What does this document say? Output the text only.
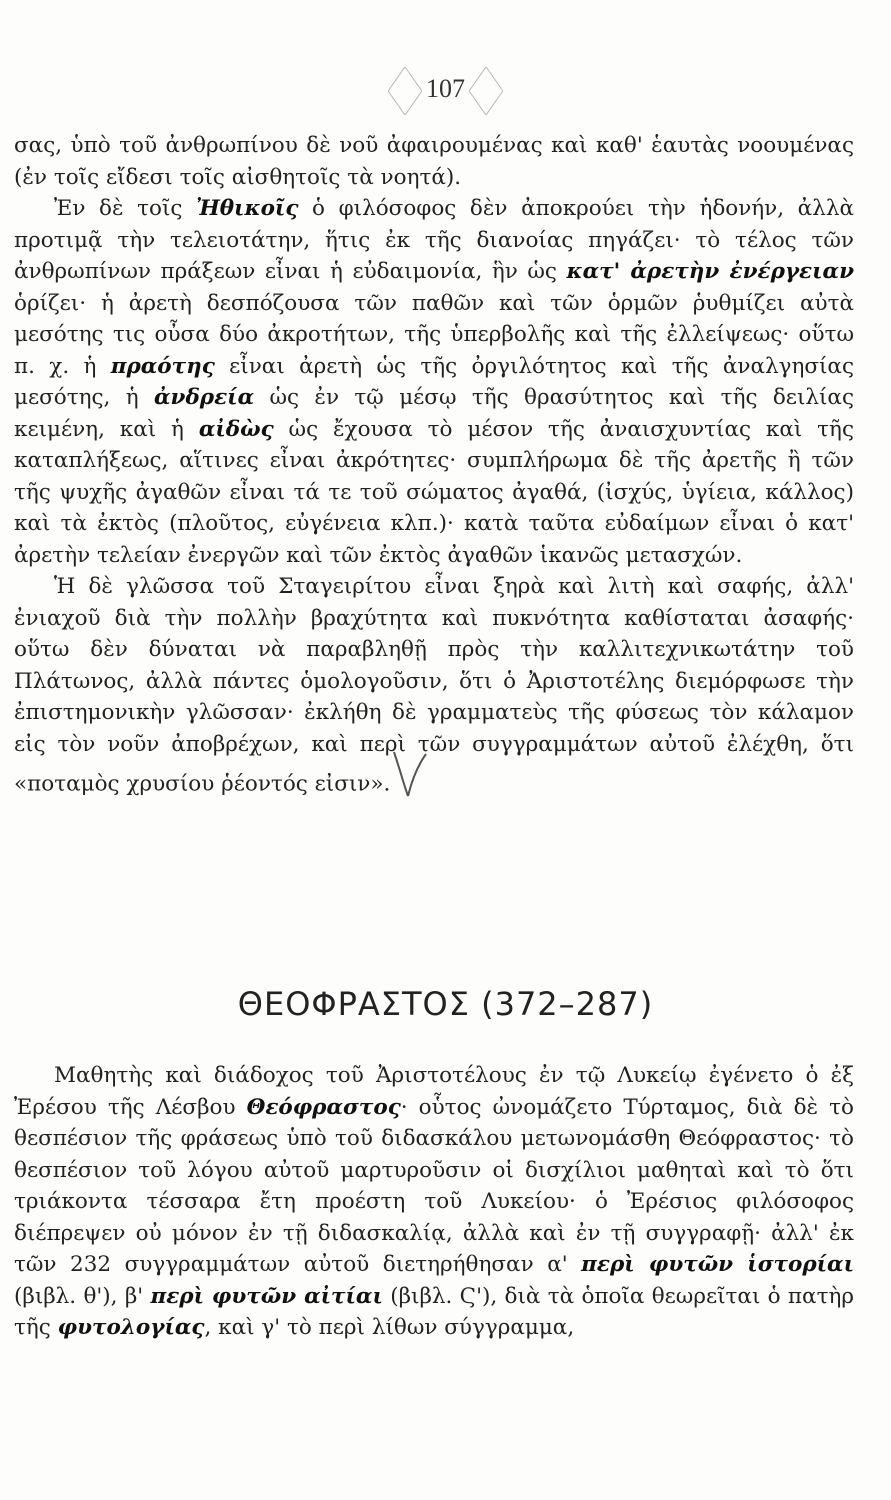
107

σας, ὑπὸ τοῦ ἀνθρωπίνου δὲ νοῦ ἀφαιρουμένας καὶ καθ' ἑαυτὰς νοουμένας (ἐν τοῖς εἴδεσι τοῖς αἰσθητοῖς τὰ νοητά).

Ἐν δὲ τοῖς Ἠθικοῖς ὁ φιλόσοφος δὲν ἀποκρούει τὴν ἡδονήν, ἀλλὰ προτιμᾷ τὴν τελειοτάτην, ἥτις ἐκ τῆς διανοίας πηγάζει· τὸ τέλος τῶν ἀνθρωπίνων πράξεων εἶναι ἡ εὐδαιμονία, ἣν ὡς κατ' ἀρετὴν ἐνέργειαν ὁρίζει· ἡ ἀρετὴ δεσπόζουσα τῶν παθῶν καὶ τῶν ὁρμῶν ῥυθμίζει αὐτὰ μεσότης τις οὖσα δύο ἀκροτήτων, τῆς ὑπερβολῆς καὶ τῆς ἐλλείψεως· οὕτω π. χ. ἡ πραότης εἶναι ἀρετὴ ὡς τῆς ὀργιλότητος καὶ τῆς ἀναλγησίας μεσότης, ἡ ἀνδρεία ὡς ἐν τῷ μέσῳ τῆς θρασύτητος καὶ τῆς δειλίας κειμένη, καὶ ἡ αἰδὼς ὡς ἔχουσα τὸ μέσον τῆς ἀναισχυντίας καὶ τῆς καταπλήξεως, αἵτινες εἶναι ἀκρότητες· συμπλήρωμα δὲ τῆς ἀρετῆς ἢ τῶν τῆς ψυχῆς ἀγαθῶν εἶναι τά τε τοῦ σώματος ἀγαθά, (ἰσχύς, ὑγίεια, κάλλος) καὶ τὰ ἐκτὸς (πλοῦτος, εὐγένεια κλπ.)· κατὰ ταῦτα εὐδαίμων εἶναι ὁ κατ' ἀρετὴν τελείαν ἐνεργῶν καὶ τῶν ἐκτὸς ἀγαθῶν ἱκανῶς μετασχών.

Ἡ δὲ γλῶσσα τοῦ Σταγειρίτου εἶναι ξηρὰ καὶ λιτὴ καὶ σαφής, ἀλλ' ἐνιαχοῦ διὰ τὴν πολλὴν βραχύτητα καὶ πυκνότητα καθίσταται ἀσαφής· οὕτω δὲν δύναται νὰ παραβληθῇ πρὸς τὴν καλλιτεχνικωτάτην τοῦ Πλάτωνος, ἀλλὰ πάντες ὁμολογοῦσιν, ὅτι ὁ Ἀριστοτέλης διεμόρφωσε τὴν ἐπιστημονικὴν γλῶσσαν· ἐκλήθη δὲ γραμματεὺς τῆς φύσεως τὸν κάλαμον εἰς τὸν νοῦν ἀποβρέχων, καὶ περὶ τῶν συγγραμμάτων αὐτοῦ ἐλέχθη, ὅτι «ποταμὸς χρυσίου ῥέοντός εἰσιν».

ΘΕΟΦΡΑΣΤΟΣ (372–287)

Μαθητὴς καὶ διάδοχος τοῦ Ἀριστοτέλους ἐν τῷ Λυκείῳ ἐγένετο ὁ ἐξ Ἐρέσου τῆς Λέσβου Θεόφραστος· οὗτος ὠνομάζετο Τύρταμος, διὰ δὲ τὸ θεσπέσιον τῆς φράσεως ὑπὸ τοῦ διδασκάλου μετωνομάσθη Θεόφραστος· τὸ θεσπέσιον τοῦ λόγου αὐτοῦ μαρτυροῦσιν οἱ δισχίλιοι μαθηταὶ καὶ τὸ ὅτι τριάκοντα τέσσαρα ἔτη προέστη τοῦ Λυκείου· ὁ Ἐρέσιος φιλόσοφος διέπρεψεν οὐ μόνον ἐν τῇ διδασκαλίᾳ, ἀλλὰ καὶ ἐν τῇ συγγραφῇ· ἀλλ' ἐκ τῶν 232 συγγραμμάτων αὐτοῦ διετηρήθησαν α' περὶ φυτῶν ἱστορίαι (βιβλ. θ'), β' περὶ φυτῶν αἰτίαι (βιβλ. Ϛ'), διὰ τὰ ὁποῖα θεωρεῖται ὁ πατὴρ τῆς φυτολογίας, καὶ γ' τὸ περὶ λίθων σύγγραμμα,
